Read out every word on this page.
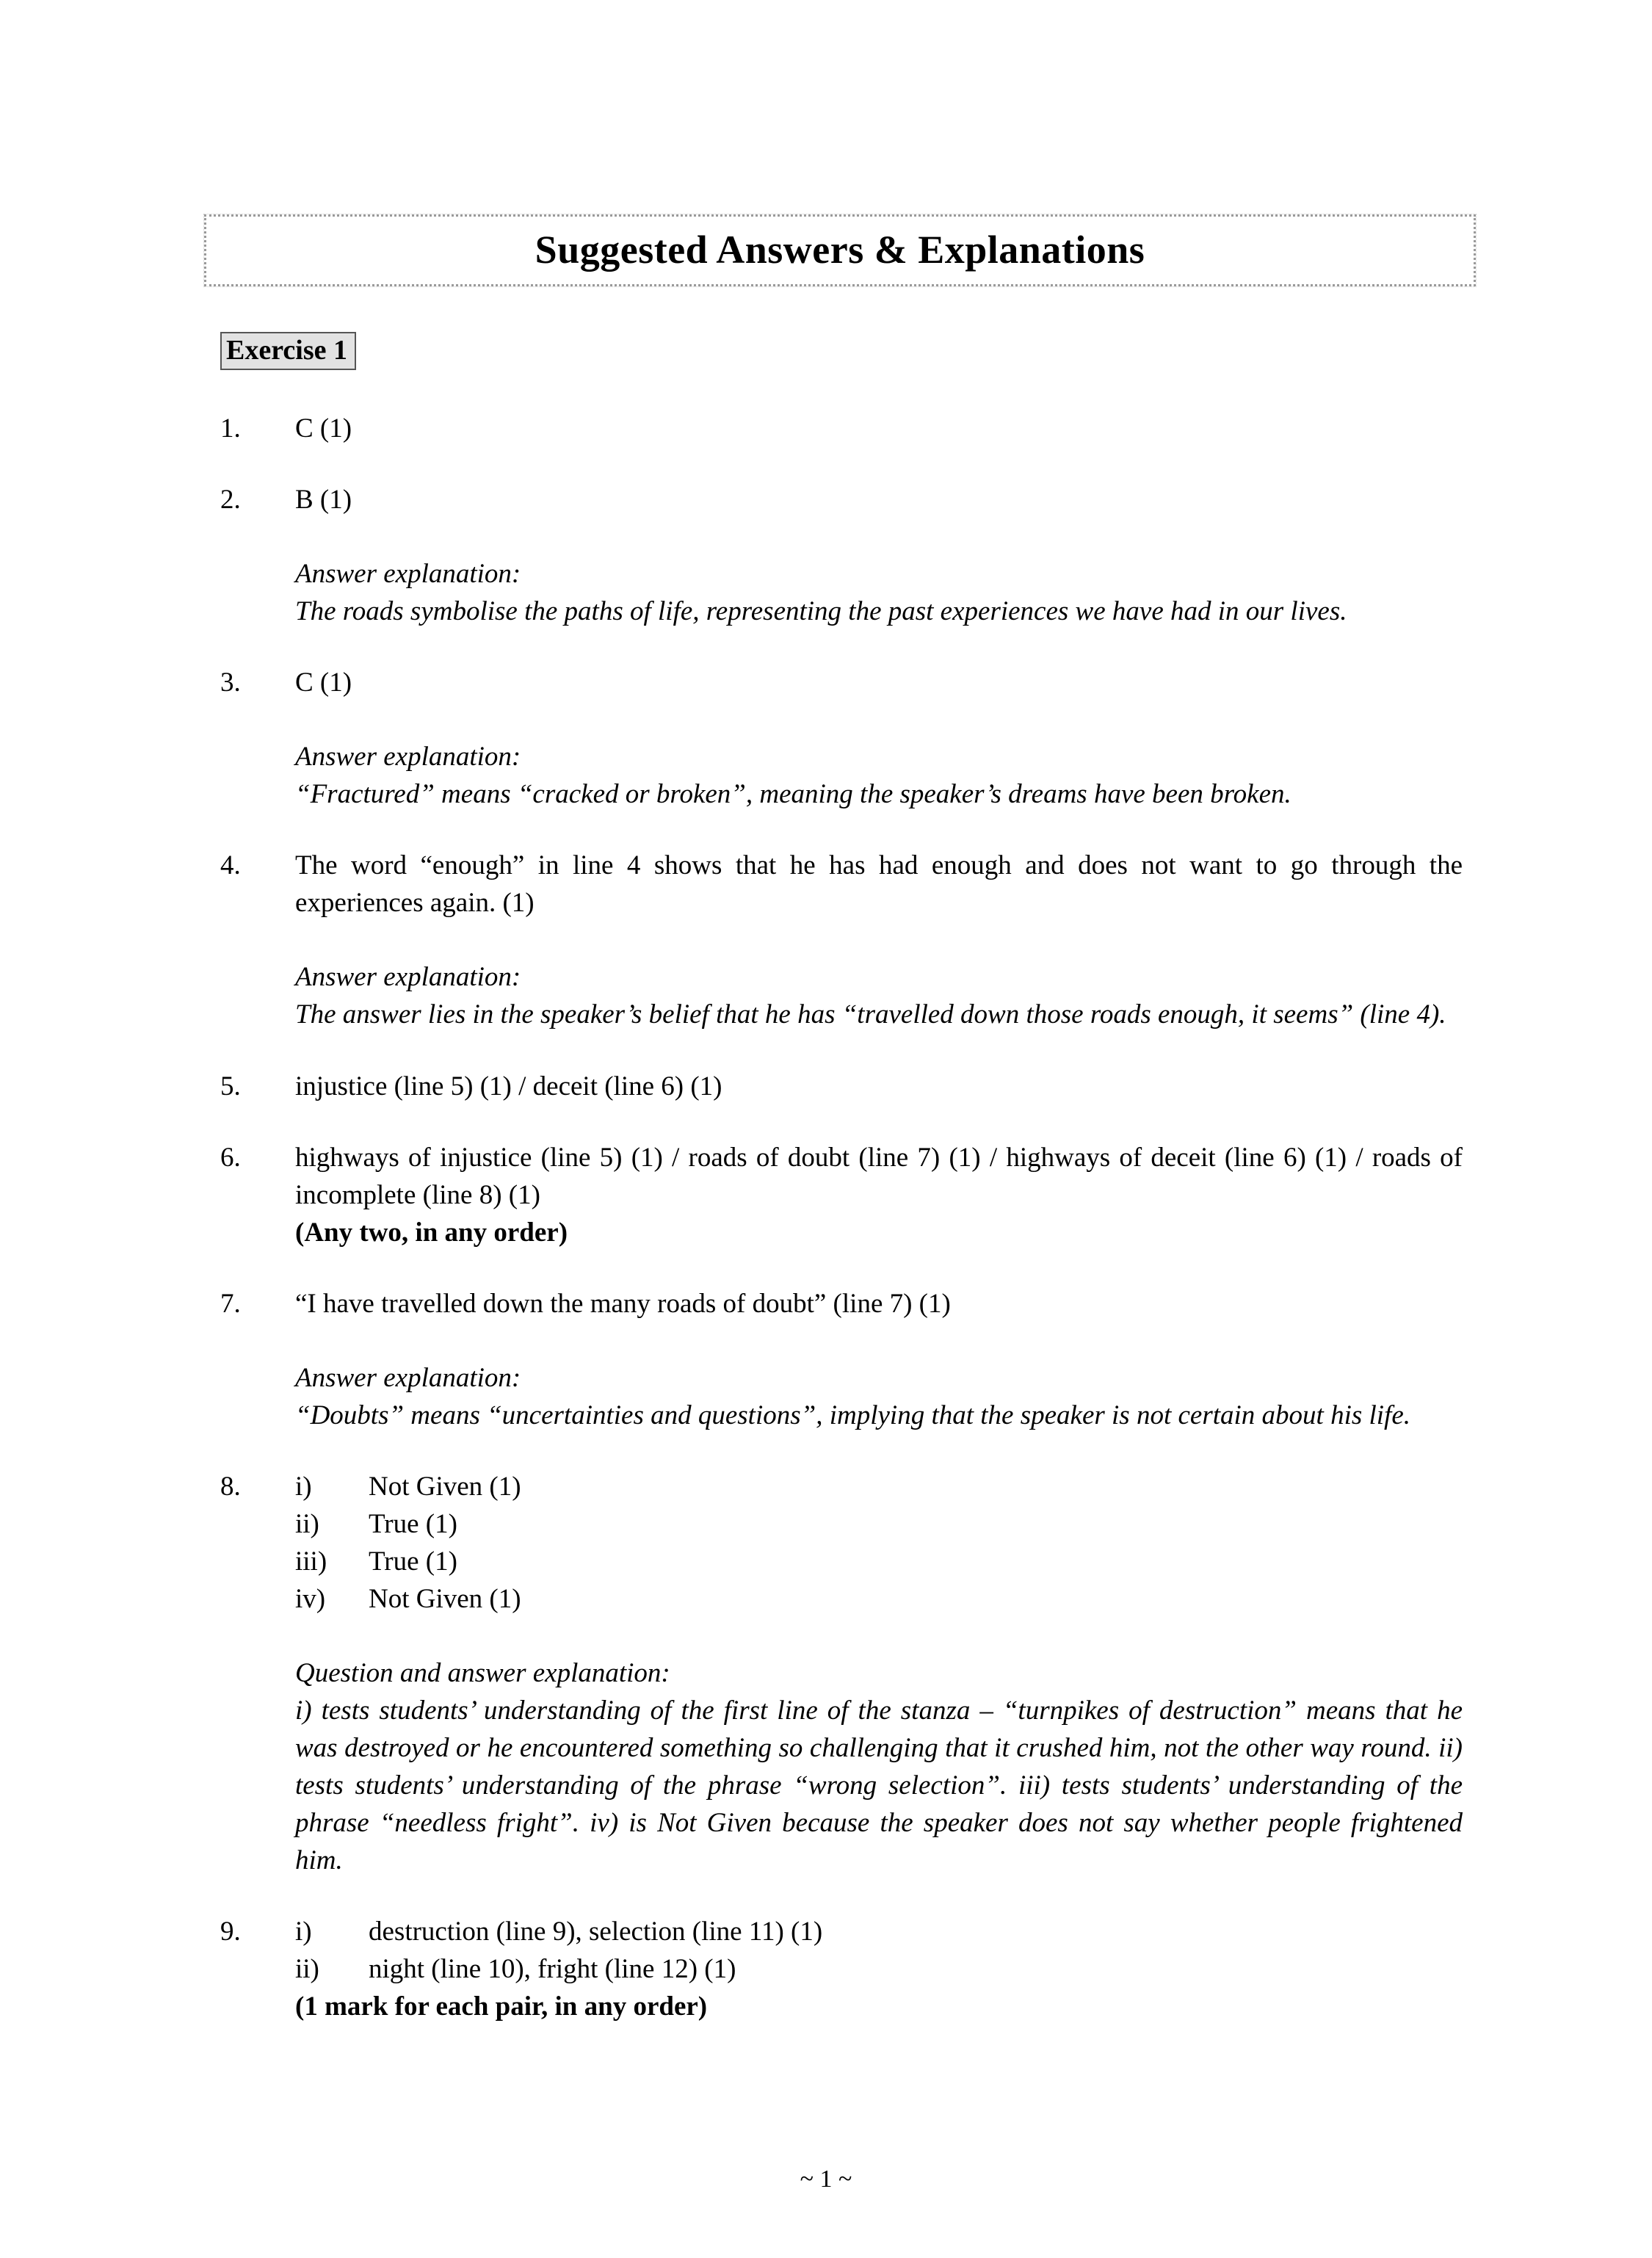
Suggested Answers & Explanations
Exercise 1
1.	C (1)

2.	B (1)

Answer explanation:

The roads symbolise the paths of life, representing the past experiences we have had in our lives.

3.	C (1)

Answer explanation:

“Fractured” means “cracked or broken”, meaning the speaker’s dreams have been broken.

4.	The word “enough” in line 4 shows that he has had enough and does not want to go through the experiences again. (1)

Answer explanation:

The answer lies in the speaker’s belief that he has “travelled down those roads enough, it seems” (line 4).

5.	injustice (line 5) (1) / deceit (line 6) (1)

6.	highways of injustice (line 5) (1) / roads of doubt (line 7) (1) / highways of deceit (line 6) (1) / roads of incomplete (line 8) (1)

(Any two, in any order)

7.	“I have travelled down the many roads of doubt” (line 7) (1)

Answer explanation:

“Doubts” means “uncertainties and questions”, implying that the speaker is not certain about his life.

8.	i)	Not Given (1)
ii)	True (1)
iii)	True (1)
iv)	Not Given (1)

Question and answer explanation:

i) tests students’ understanding of the first line of the stanza – “turnpikes of destruction” means that he was destroyed or he encountered something so challenging that it crushed him, not the other way round. ii) tests students’ understanding of the phrase “wrong selection”. iii) tests students’ understanding of the phrase “needless fright”. iv) is Not Given because the speaker does not say whether people frightened him.

9.	i)	destruction (line 9), selection (line 11) (1)
ii)	night (line 10), fright (line 12) (1)

(1 mark for each pair, in any order)

~ 1 ~
